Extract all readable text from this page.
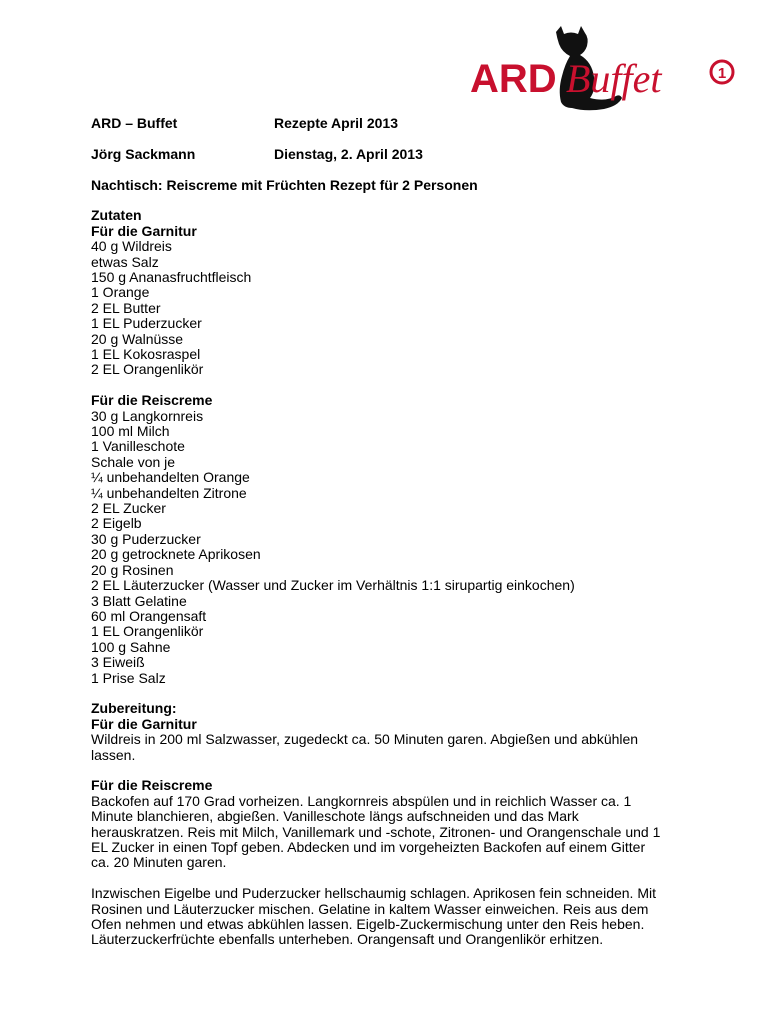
ARD Buffet	1
ARD – Buffet	Rezepte April 2013
Jörg Sackmann	Dienstag, 2. April 2013
Nachtisch: Reiscreme mit Früchten Rezept für 2 Personen
Zutaten
Für die Garnitur
40 g Wildreis
etwas Salz
150 g Ananasfruchtfleisch
1 Orange
2 EL Butter
1 EL Puderzucker
20 g Walnüsse
1 EL Kokosraspel
2 EL Orangenlikör
Für die Reiscreme
30 g Langkornreis
100 ml Milch
1 Vanilleschote
Schale von je
¼ unbehandelten Orange
¼ unbehandelten Zitrone
2 EL Zucker
2 Eigelb
30 g Puderzucker
20 g getrocknete Aprikosen
20 g Rosinen
2 EL Läuterzucker (Wasser und Zucker im Verhältnis 1:1 sirupartig einkochen)
3 Blatt Gelatine
60 ml Orangensaft
1 EL Orangenlikör
100 g Sahne
3 Eiweiß
1 Prise Salz
Zubereitung:
Für die Garnitur
Wildreis in 200 ml Salzwasser, zugedeckt ca. 50 Minuten garen. Abgießen und abkühlen
lassen.
Für die Reiscreme
Backofen auf 170 Grad vorheizen. Langkornreis abspülen und in reichlich Wasser ca. 1
Minute blanchieren, abgießen. Vanilleschote längs aufschneiden und das Mark
herauskratzen. Reis mit Milch, Vanillemark und -schote, Zitronen- und Orangenschale und 1
EL Zucker in einen Topf geben. Abdecken und im vorgeheizten Backofen auf einem Gitter
ca. 20 Minuten garen.
Inzwischen Eigelbe und Puderzucker hellschaumig schlagen. Aprikosen fein schneiden. Mit
Rosinen und Läuterzucker mischen. Gelatine in kaltem Wasser einweichen. Reis aus dem
Ofen nehmen und etwas abkühlen lassen. Eigelb-Zuckermischung unter den Reis heben.
Läuterzuckerfrüchte ebenfalls unterheben. Orangensaft und Orangenlikör erhitzen.
